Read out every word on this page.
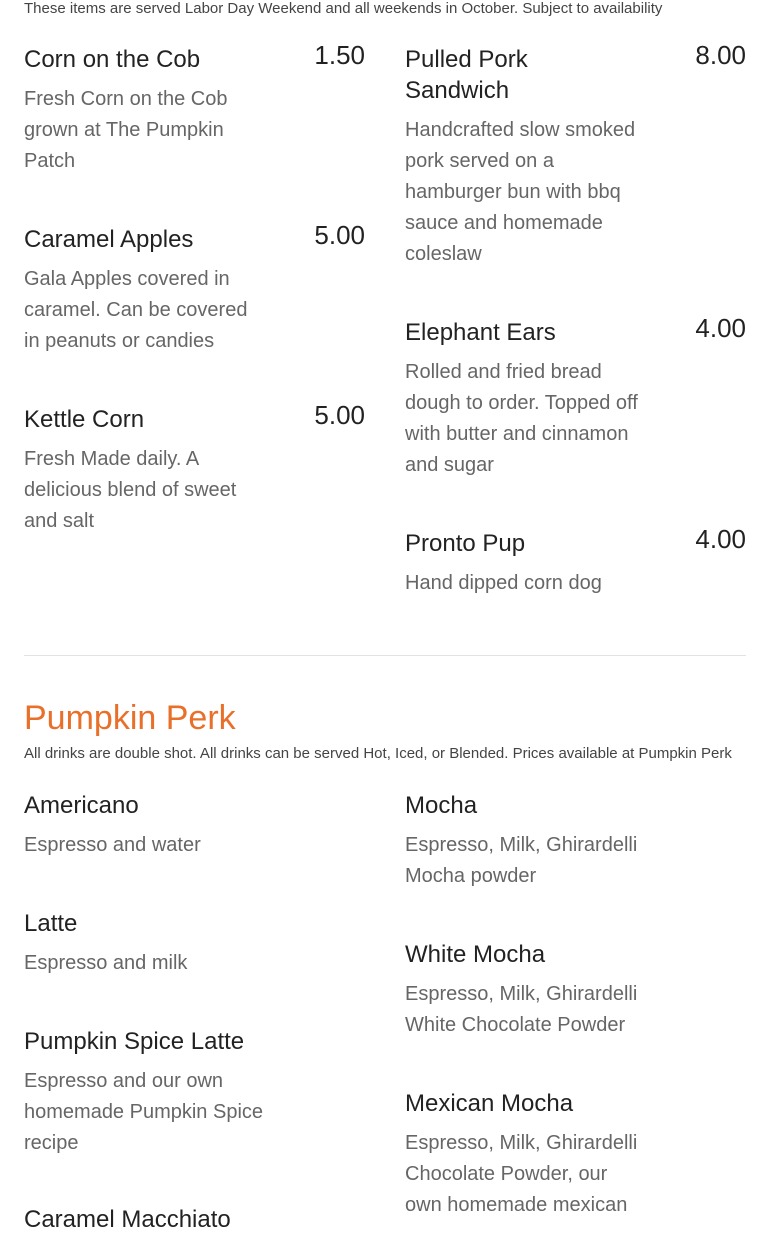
These items are served Labor Day Weekend and all weekends in October. Subject to availability
Corn on the Cob	1.50
Fresh Corn on the Cob grown at The Pumpkin Patch
Caramel Apples	5.00
Gala Apples covered in caramel. Can be covered in peanuts or candies
Kettle Corn	5.00
Fresh Made daily. A delicious blend of sweet and salt
Pulled Pork Sandwich
8.00
Handcrafted slow smoked pork served on a hamburger bun with bbq sauce and homemade coleslaw
Elephant Ears	4.00
Rolled and fried bread dough to order. Topped off with butter and cinnamon and sugar
Pronto Pup	4.00
Hand dipped corn dog
Pumpkin Perk
All drinks are double shot. All drinks can be served Hot, Iced, or Blended. Prices available at Pumpkin Perk
Americano
Espresso and water
Latte
Espresso and milk
Pumpkin Spice Latte
Espresso and our own homemade Pumpkin Spice recipe
Caramel Macchiato
Mocha
Espresso, Milk, Ghirardelli Mocha powder
White Mocha
Espresso, Milk, Ghirardelli White Chocolate Powder
Mexican Mocha
Espresso, Milk, Ghirardelli Chocolate Powder, our own homemade mexican
